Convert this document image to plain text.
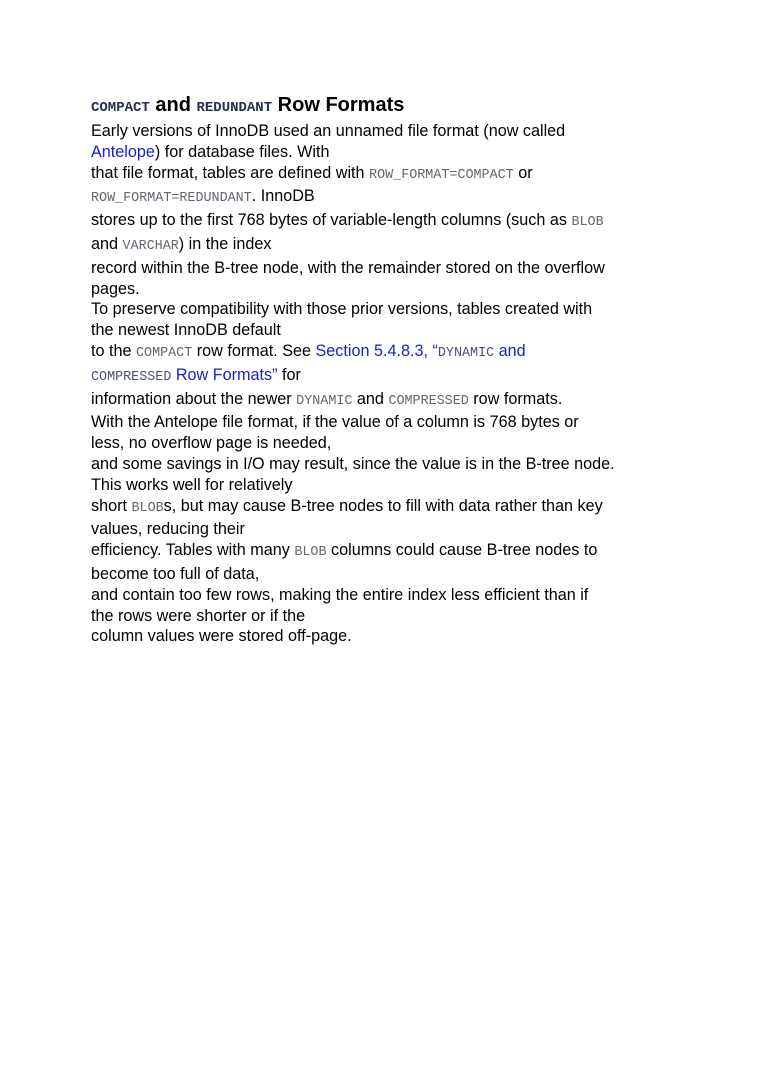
COMPACT and REDUNDANT Row Formats
Early versions of InnoDB used an unnamed file format (now called
Antelope) for database files. With
that file format, tables are defined with ROW_FORMAT=COMPACT or
ROW_FORMAT=REDUNDANT. InnoDB
stores up to the first 768 bytes of variable-length columns (such as BLOB
and VARCHAR) in the index
record within the B-tree node, with the remainder stored on the overflow
pages.
To preserve compatibility with those prior versions, tables created with
the newest InnoDB default
to the COMPACT row format. See Section 5.4.8.3, “DYNAMIC and
COMPRESSED Row Formats” for
information about the newer DYNAMIC and COMPRESSED row formats.
With the Antelope file format, if the value of a column is 768 bytes or
less, no overflow page is needed,
and some savings in I/O may result, since the value is in the B-tree node.
This works well for relatively
short BLOBs, but may cause B-tree nodes to fill with data rather than key
values, reducing their
efficiency. Tables with many BLOB columns could cause B-tree nodes to
become too full of data,
and contain too few rows, making the entire index less efficient than if
the rows were shorter or if the
column values were stored off-page.
